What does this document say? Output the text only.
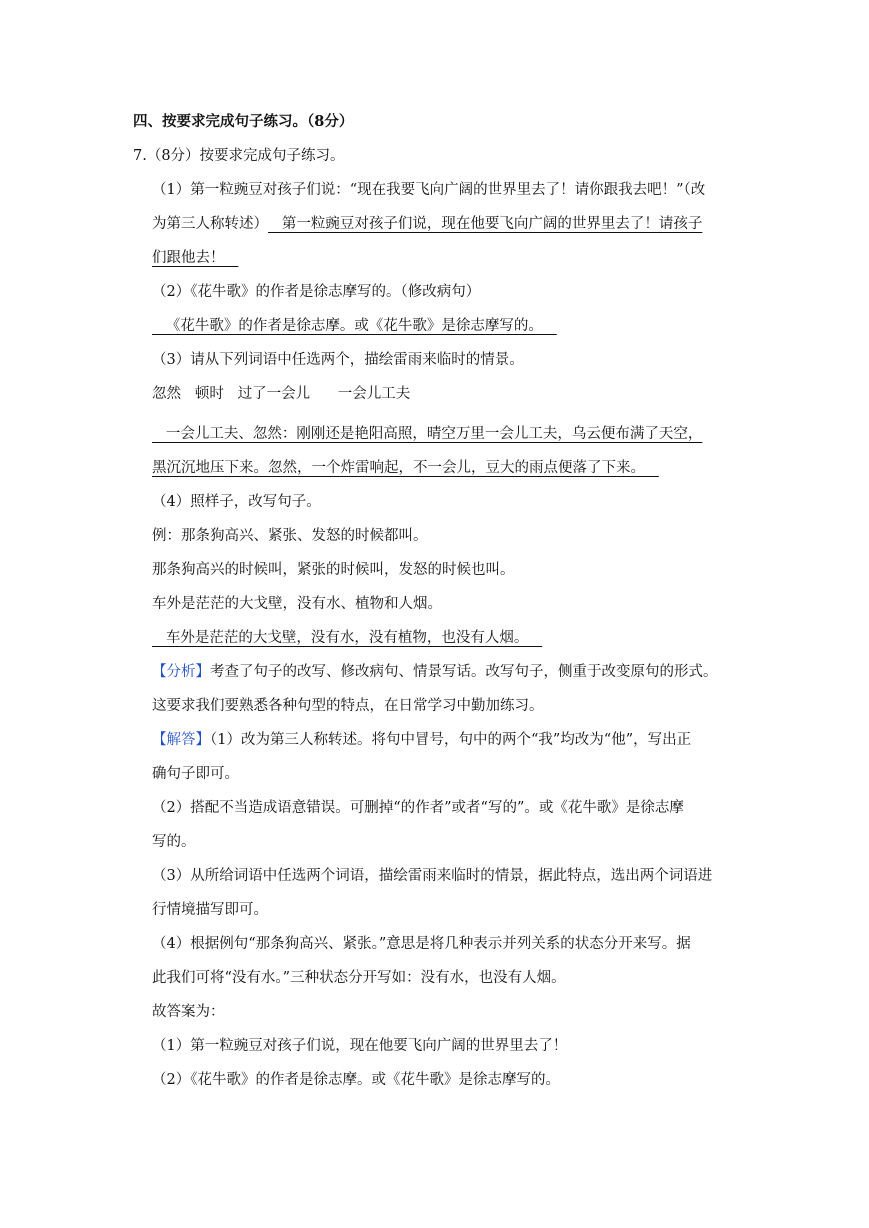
四、按要求完成句子练习。（8分）
7.（8分）按要求完成句子练习。
（1）第一粒豌豆对孩子们说：“现在我要飞向广阔的世界里去了！请你跟我去吧！”（改
为第三人称转述）   第一粒豌豆对孩子们说，现在他要飞向广阔的世界里去了！请孩子
们跟他去！
（2）《花牛歌》的作者是徐志摩写的。（修改病句）
《花牛歌》的作者是徐志摩。或《花牛歌》是徐志摩写的。
（3）请从下列词语中任选两个，描绘雷雨来临时的情景。
忽然   顿时   过了一会儿      一会儿工夫
一会儿工夫、忽然：刚刚还是艳阳高照，晴空万里一会儿工夫，乌云便布满了天空，
黑沉沉地压下来。忽然，一个炸雷响起，不一会儿，豆大的雨点便落了下来。
（4）照样子，改写句子。
例：那条狗高兴、紧张、发怒的时候都叫。
那条狗高兴的时候叫，紧张的时候叫，发怒的时候也叫。
车外是茫茫的大戈壁，没有水、植物和人烟。
车外是茫茫的大戈壁，没有水，没有植物，也没有人烟。
【分析】考查了句子的改写、修改病句、情景写话。改写句子，侧重于改变原句的形式。
这要求我们要熟悉各种句型的特点，在日常学习中勤加练习。
【解答】（1）改为第三人称转述。将句中冒号，句中的两个“我”均改为“他”，写出正
确句子即可。
（2）搭配不当造成语意错误。可删掉“的作者”或者“写的”。或《花牛歌》是徐志摩
写的。
（3）从所给词语中任选两个词语，描绘雷雨来临时的情景，据此特点，选出两个词语进
行情境描写即可。
（4）根据例句“那条狗高兴、紧张。”意思是将几种表示并列关系的状态分开来写。据
此我们可将“没有水。”三种状态分开写如：没有水，也没有人烟。
故答案为：
（1）第一粒豌豆对孩子们说，现在他要飞向广阔的世界里去了！
（2）《花牛歌》的作者是徐志摩。或《花牛歌》是徐志摩写的。
